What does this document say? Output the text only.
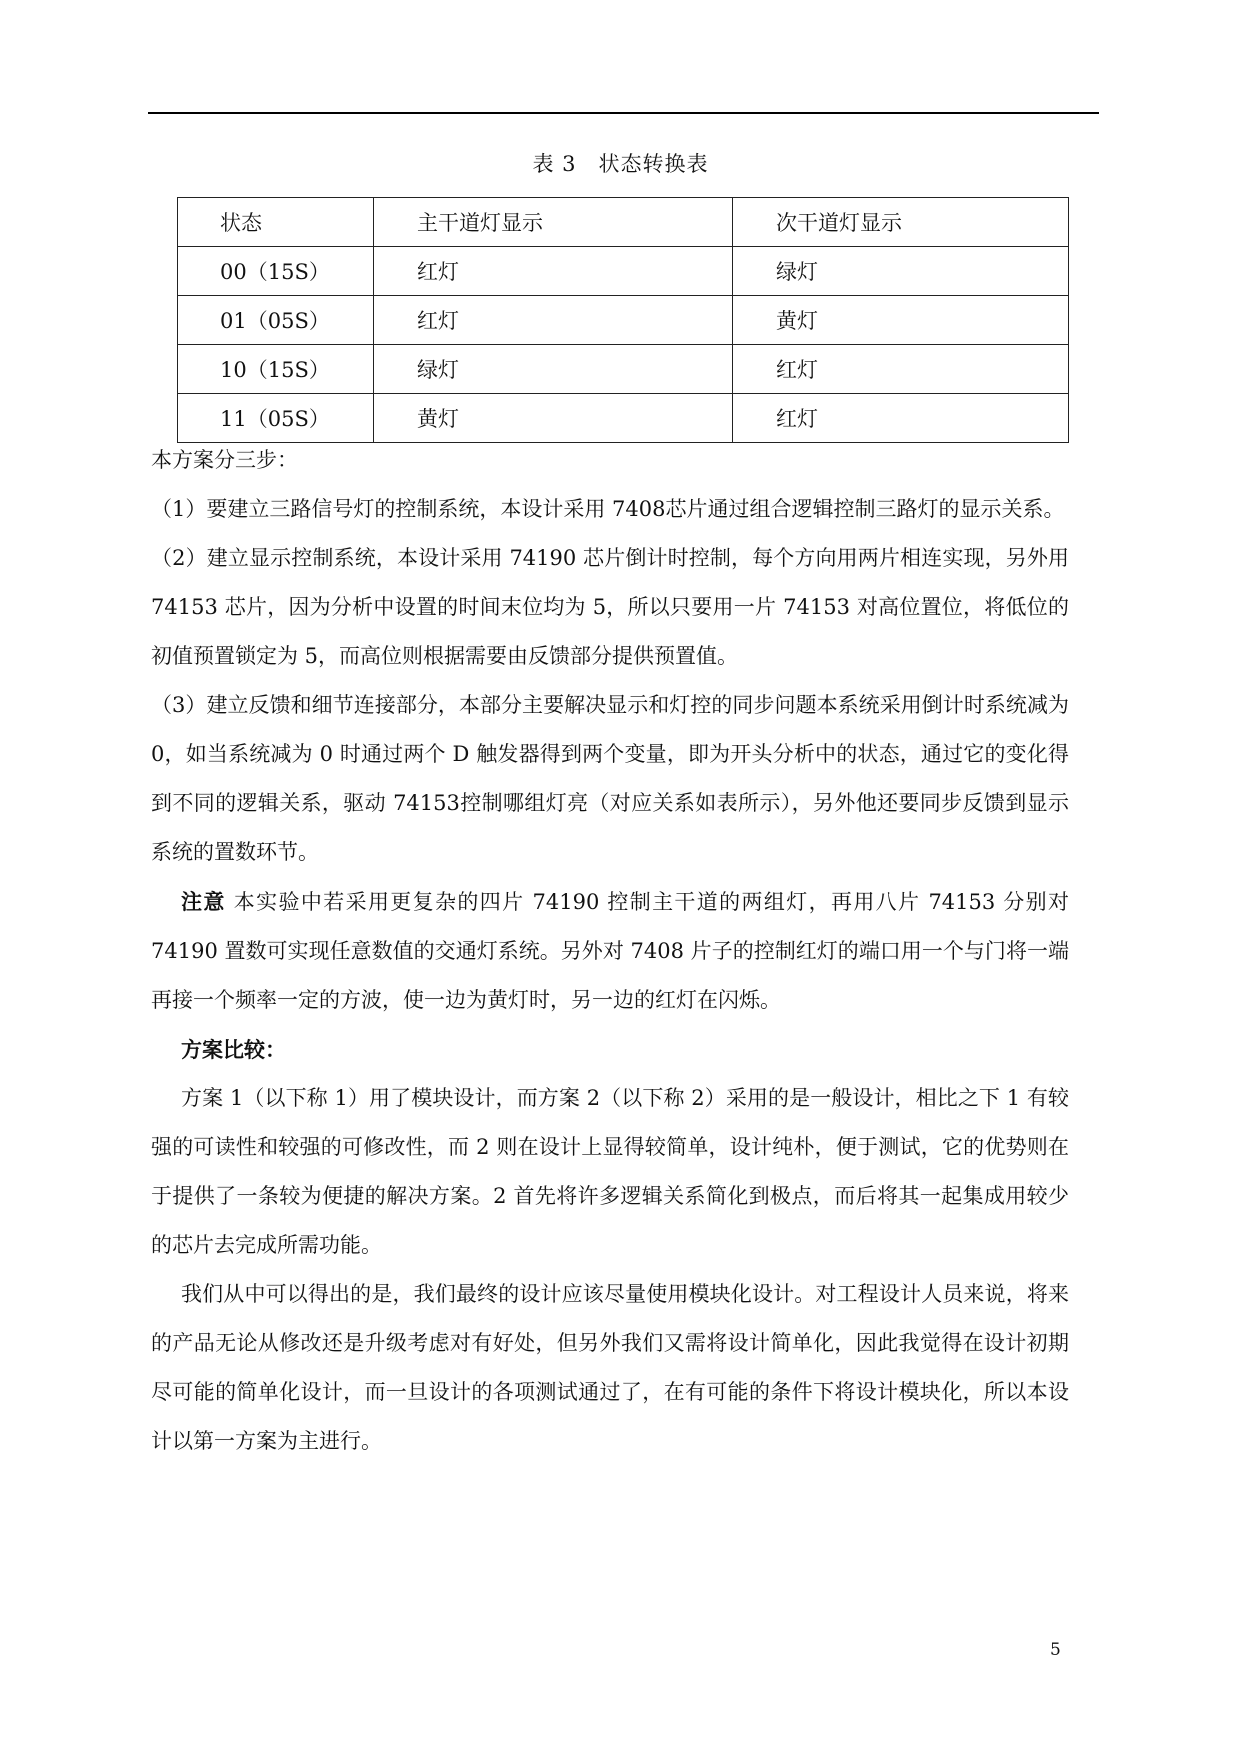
表 3　状态转换表
状态	主干道灯显示	次干道灯显示
00（15S）	红灯	绿灯
01（05S）	红灯	黄灯
10（15S）	绿灯	红灯
11（05S）	黄灯	红灯

本方案分三步：

（1）要建立三路信号灯的控制系统，本设计采用 7408芯片通过组合逻辑控制三路灯的显示关系。

（2）建立显示控制系统，本设计采用 74190 芯片倒计时控制，每个方向用两片相连实现，另外用 74153 芯片，因为分析中设置的时间末位均为 5，所以只要用一片 74153 对高位置位，将低位的初值预置锁定为 5，而高位则根据需要由反馈部分提供预置值。

（3）建立反馈和细节连接部分，本部分主要解决显示和灯控的同步问题本系统采用倒计时系统减为 0，如当系统减为 0 时通过两个 D 触发器得到两个变量，即为开头分析中的状态，通过它的变化得到不同的逻辑关系，驱动 74153控制哪组灯亮（对应关系如表所示），另外他还要同步反馈到显示系统的置数环节。

注意 本实验中若采用更复杂的四片 74190 控制主干道的两组灯，再用八片 74153 分别对 74190 置数可实现任意数值的交通灯系统。另外对 7408 片子的控制红灯的端口用一个与门将一端再接一个频率一定的方波，使一边为黄灯时，另一边的红灯在闪烁。

方案比较：

方案 1（以下称 1）用了模块设计，而方案 2（以下称 2）采用的是一般设计，相比之下 1 有较强的可读性和较强的可修改性，而 2 则在设计上显得较简单，设计纯朴，便于测试，它的优势则在于提供了一条较为便捷的解决方案。2 首先将许多逻辑关系简化到极点，而后将其一起集成用较少的芯片去完成所需功能。

我们从中可以得出的是，我们最终的设计应该尽量使用模块化设计。对工程设计人员来说，将来的产品无论从修改还是升级考虑对有好处，但另外我们又需将设计简单化，因此我觉得在设计初期尽可能的简单化设计，而一旦设计的各项测试通过了，在有可能的条件下将设计模块化，所以本设计以第一方案为主进行。

5
